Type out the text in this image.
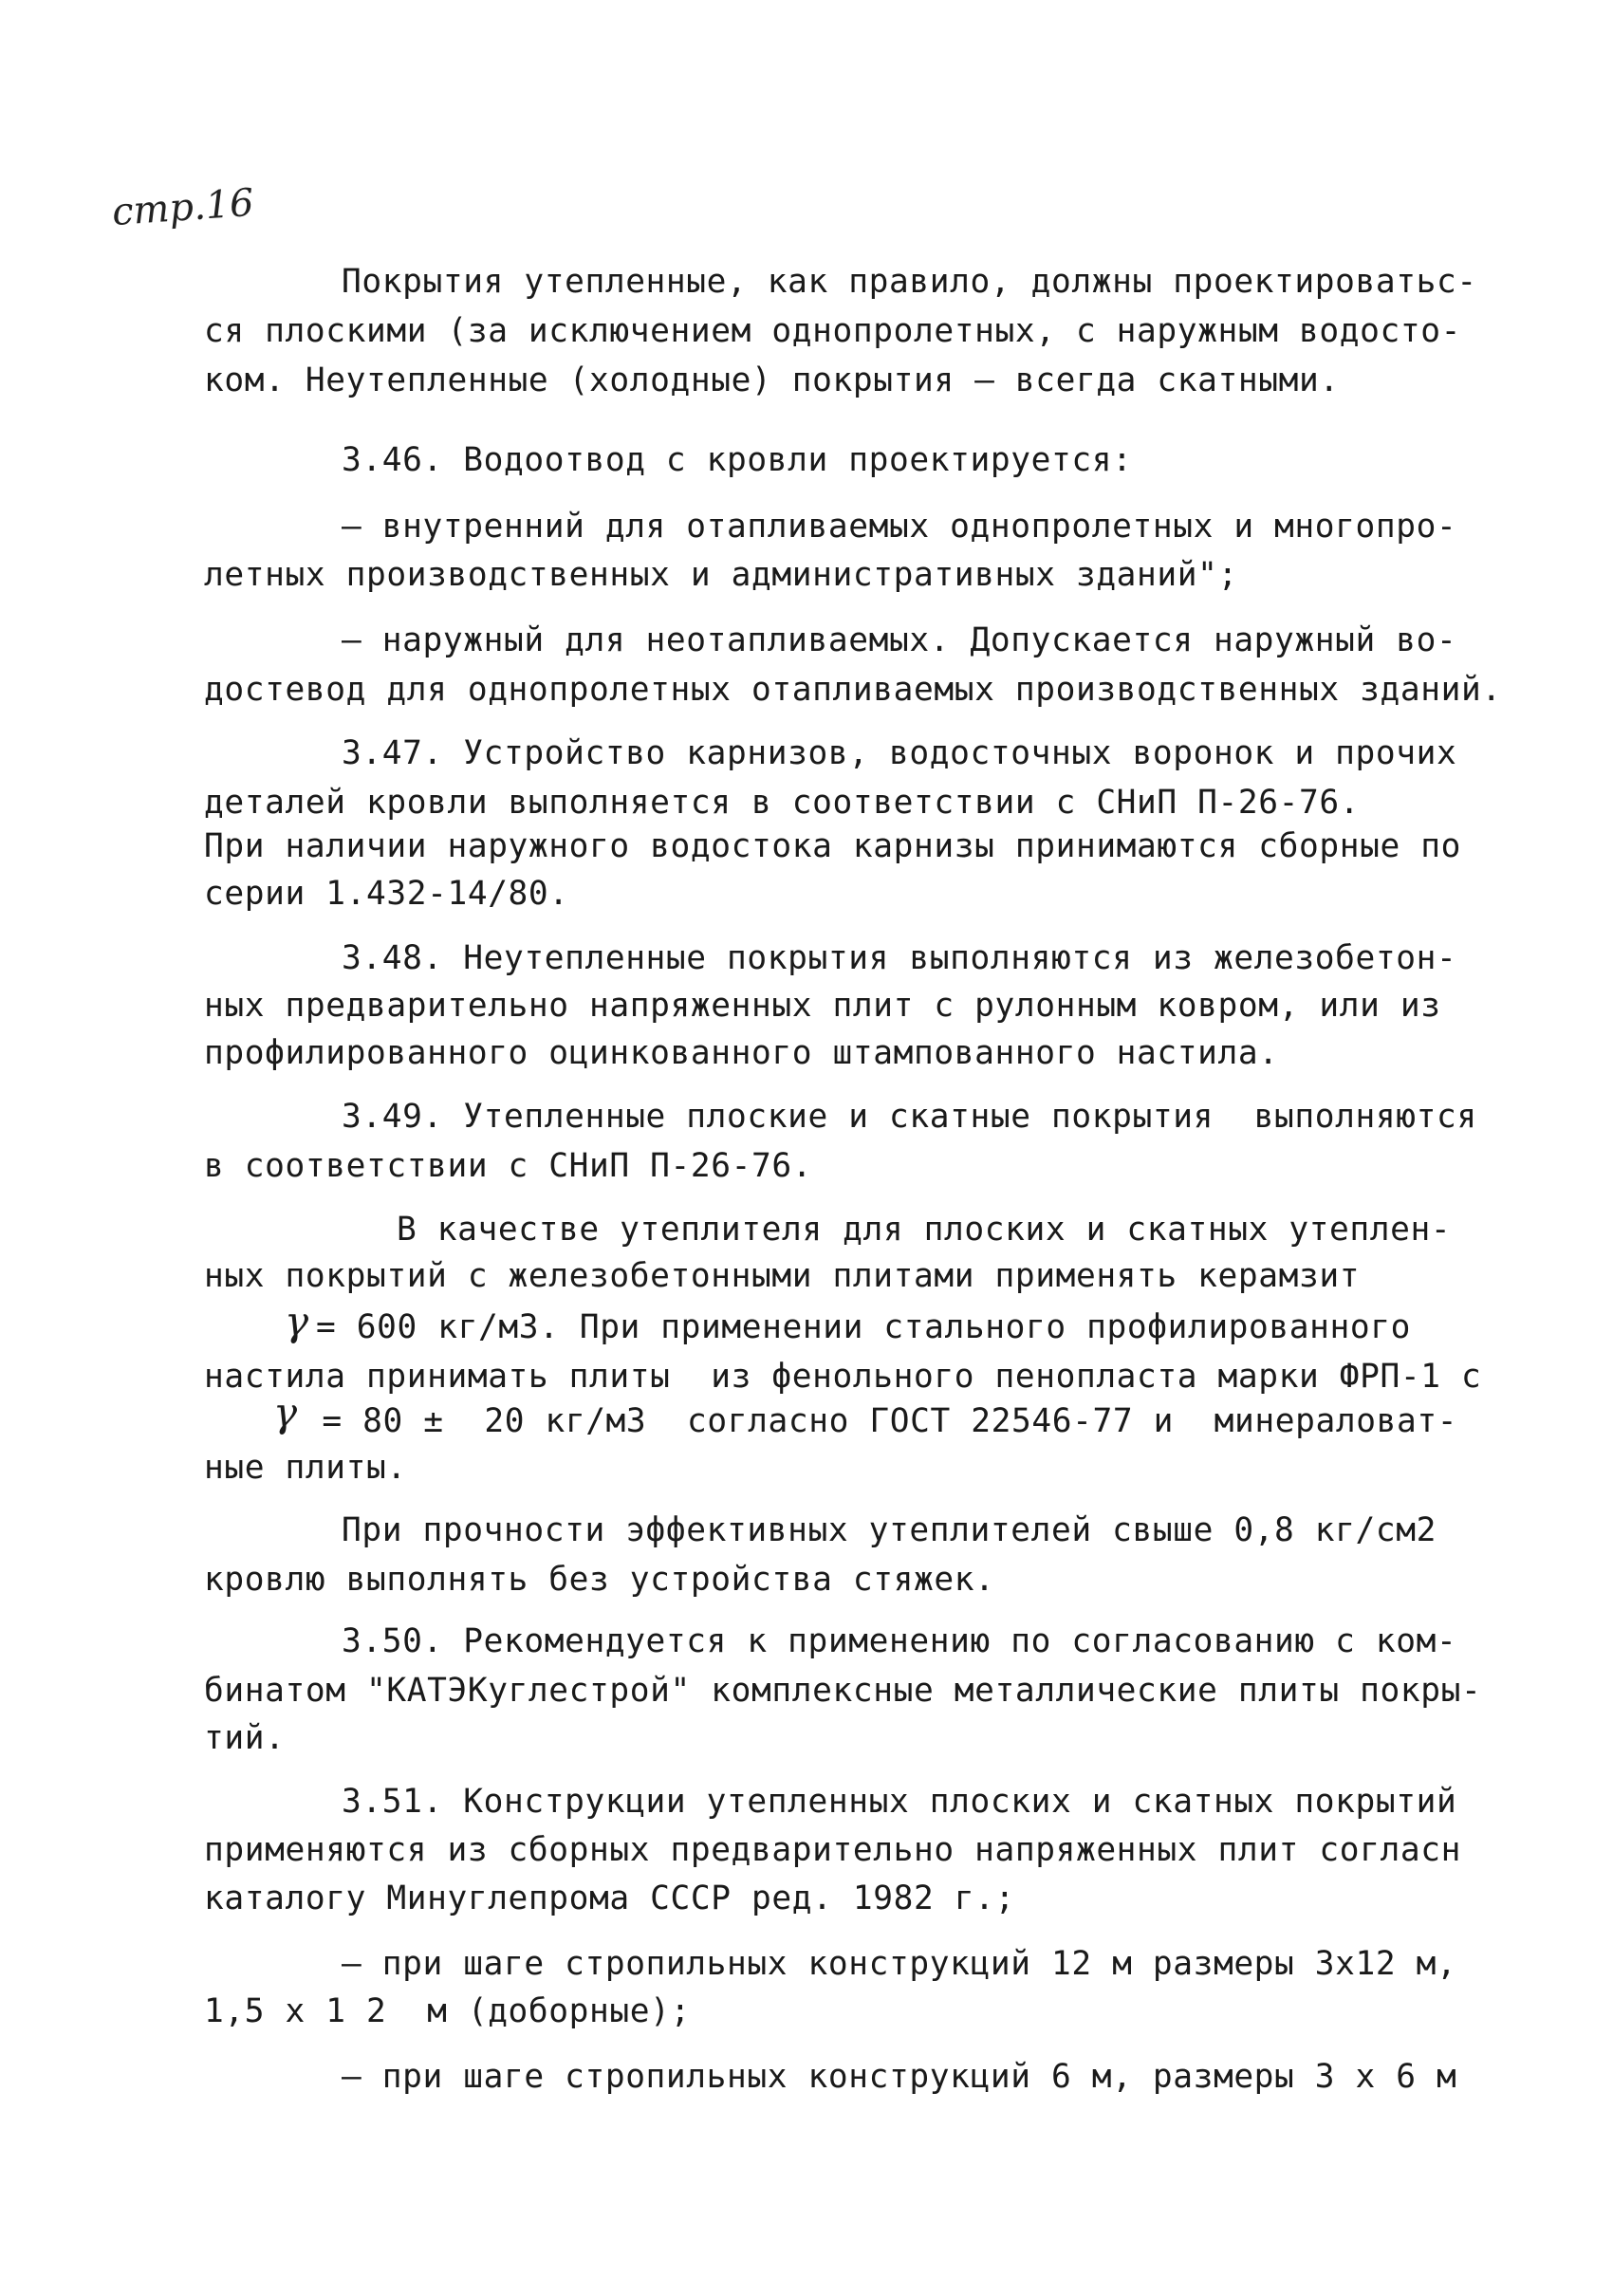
стр.16
Покрытия утепленные, как правило, должны проектироватьс-
ся плоскими (за исключением однопролетных, с наружным водосто-
ком. Неутепленные (холодные) покрытия – всегда скатными.
3.46. Водоотвод с кровли проектируется:
– внутренний для отапливаемых однопролетных и многопро-
летных производственных и административных зданий";
– наружный для неотапливаемых. Допускается наружный во-
достевод для однопролетных отапливаемых производственных зданий.
3.47. Устройство карнизов, водосточных воронок и прочих
деталей кровли выполняется в соответствии с СНиП П-26-76.
При наличии наружного водостока карнизы принимаются сборные по
серии 1.432-14/80.
3.48. Неутепленные покрытия выполняются из железобетон-
ных предварительно напряженных плит с рулонным ковром, или из
профилированного оцинкованного штампованного настила.
3.49. Утепленные плоские и скатные покрытия  выполняются
в соответствии с СНиП П-26-76.
В качестве утеплителя для плоских и скатных утеплен-
ных покрытий с железобетонными плитами применять керамзит
γ = 600 кг/м3. При применении стального профилированного
настила принимать плиты  из фенольного пенопласта марки ФРП-1 с
γ = 80 ±  20 кг/м3  согласно ГОСТ 22546-77 и  минераловат-
ные плиты.
При прочности эффективных утеплителей свыше 0,8 кг/см2
кровлю выполнять без устройства стяжек.
3.50. Рекомендуется к применению по согласованию с ком-
бинатом "КАТЭКуглестрой" комплексные металлические плиты покры-
тий.
3.51. Конструкции утепленных плоских и скатных покрытий
применяются из сборных предварительно напряженных плит согласн
каталогу Минуглепрома СССР ред. 1982 г.;
– при шаге стропильных конструкций 12 м размеры 3х12 м,
1,5 х 1 2  м (доборные);
– при шаге стропильных конструкций 6 м, размеры 3 х 6 м
